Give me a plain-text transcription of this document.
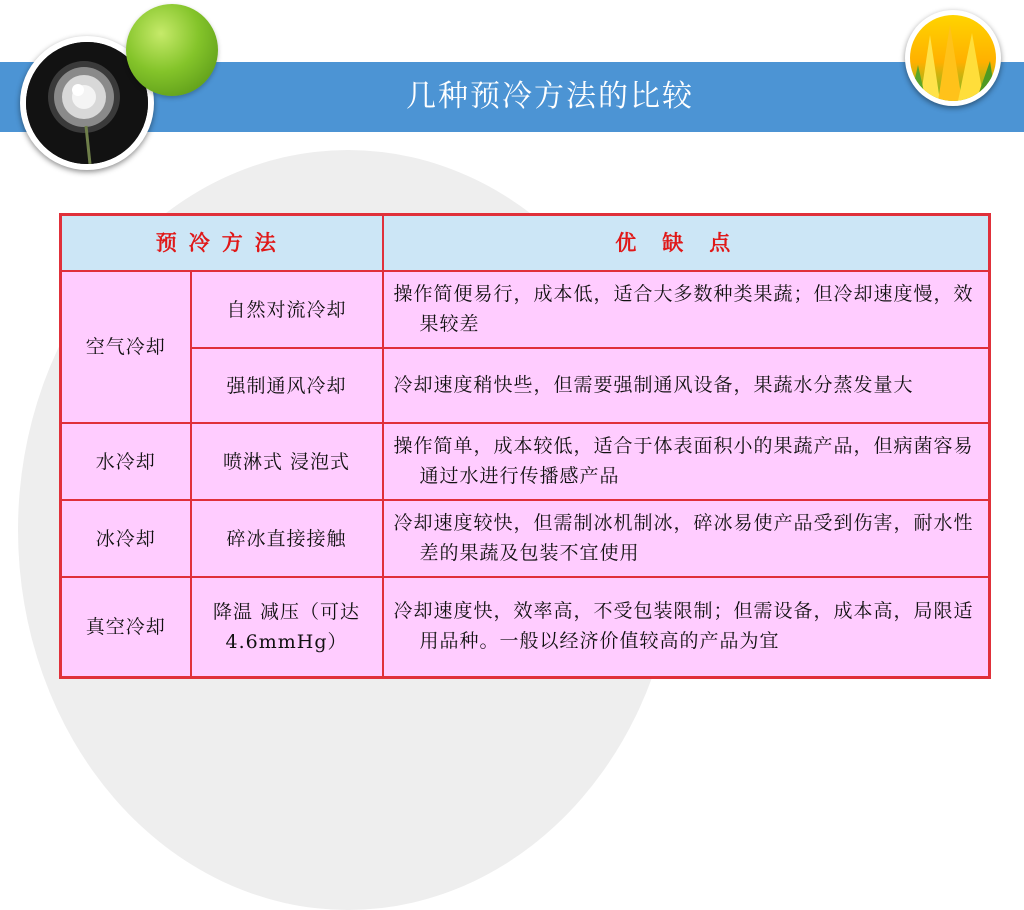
几种预冷方法的比较
预冷方法		优缺点
空气冷却	自然对流冷却	操作简便易行，成本低，适合大多数种类果蔬；但冷却速度慢，效果较差
	强制通风冷却	冷却速度稍快些，但需要强制通风设备，果蔬水分蒸发量大
水冷却	喷淋式 浸泡式	操作简单，成本较低，适合于体表面积小的果蔬产品，但病菌容易通过水进行传播感产品
冰冷却	碎冰直接接触	冷却速度较快，但需制冰机制冰，碎冰易使产品受到伤害，耐水性差的果蔬及包装不宜使用
真空冷却	降温 减压（可达4.6mmHg）	冷却速度快，效率高，不受包装限制；但需设备，成本高，局限适用品种。一般以经济价值较高的产品为宜
